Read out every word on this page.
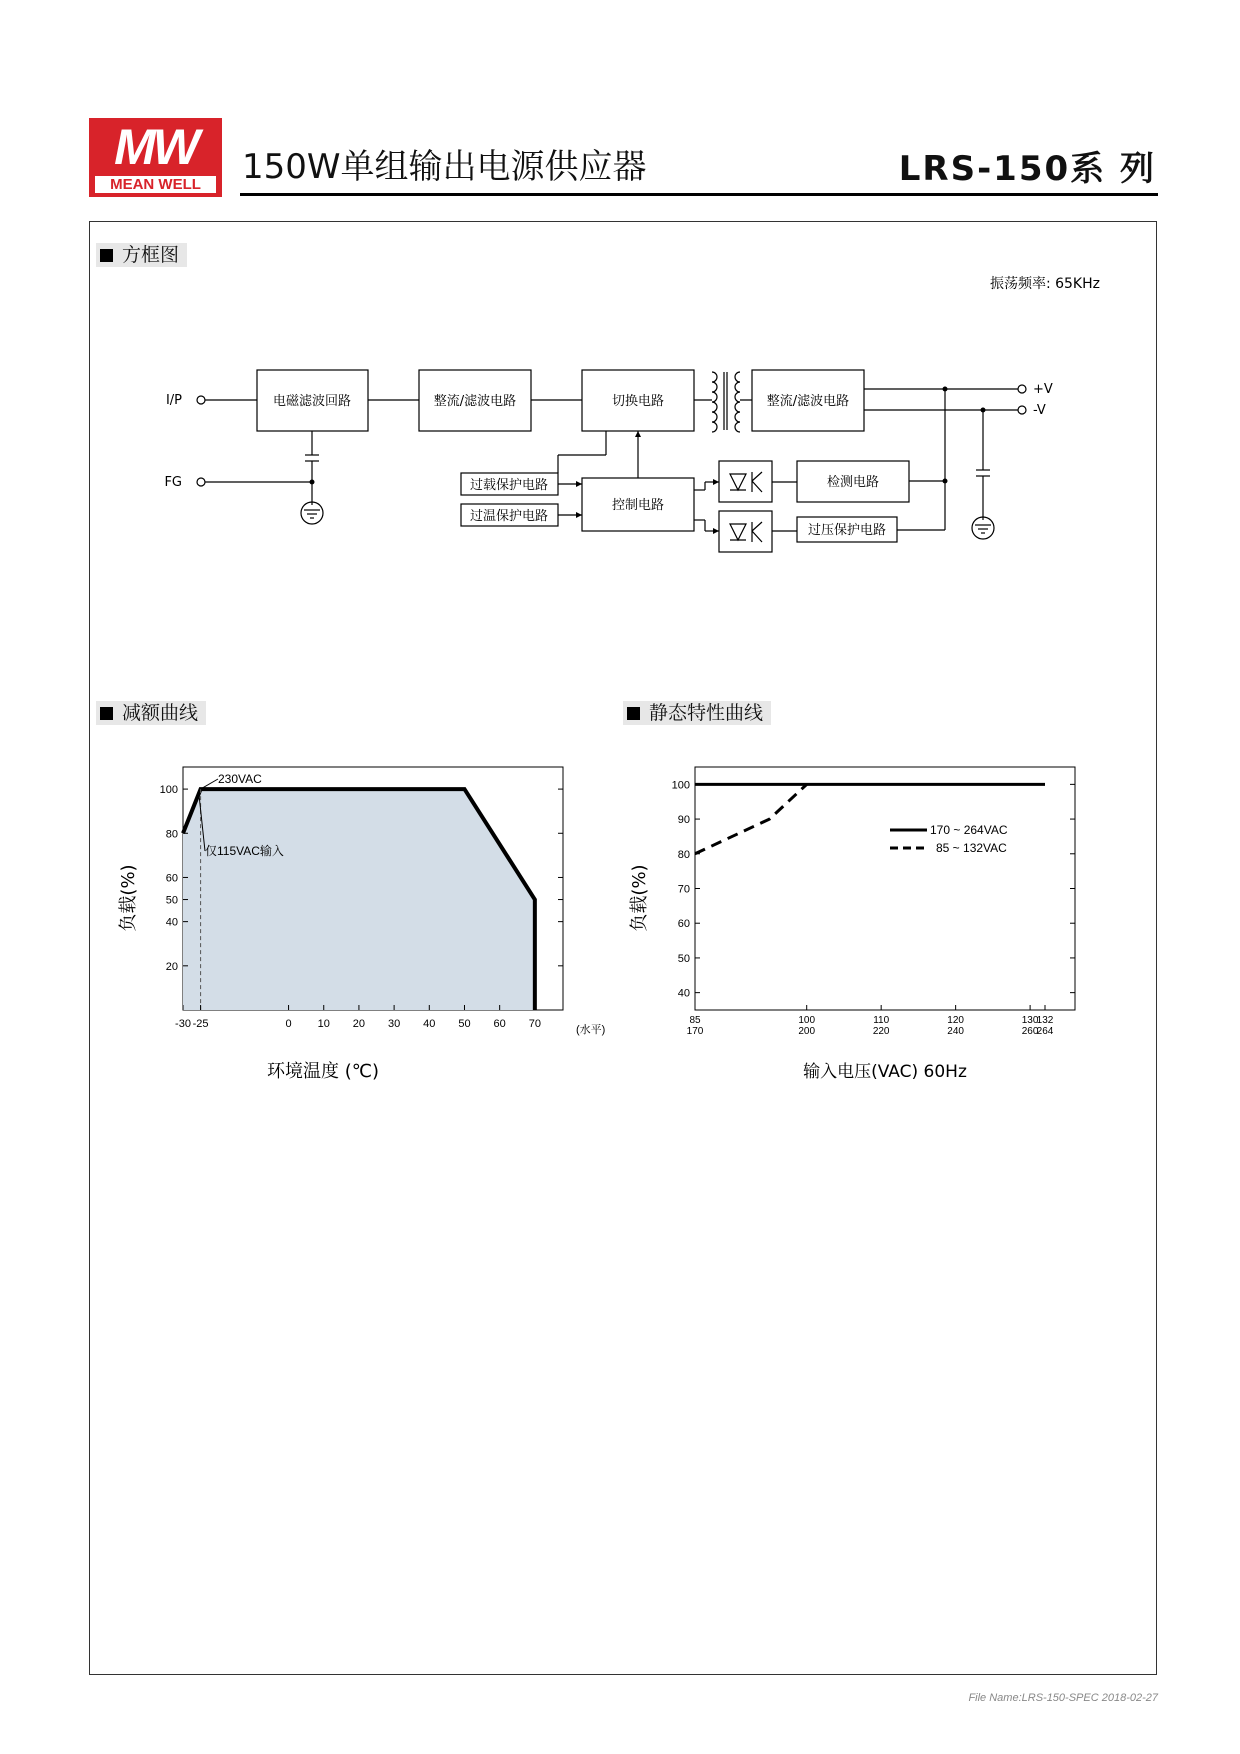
MW
MEAN WELL	150W单组输出电源供应器	LRS-150系 列
方框图
减额曲线	静态特性曲线
振荡频率: 65KHz
I/P
FG
+V
-V
电磁滤波回路	整流/滤波电路	切换电路	整流/滤波电路
控制电路
过载保护电路
过温保护电路
检测电路
过压保护电路
20
40
50
60
80
100
-30 -25	0 10 20 30 40 50 60 70
230VAC
仅115VAC输入
(水平)
环境温度 (℃)
负载(%)
40
50
60
70
80
90
100
85
170
100
200
110
220
120
240
130
260
132
264
170 ~ 264VAC
85 ~ 132VAC
输入电压(VAC) 60Hz
负载(%)
File Name:LRS-150-SPEC 2018-02-27
